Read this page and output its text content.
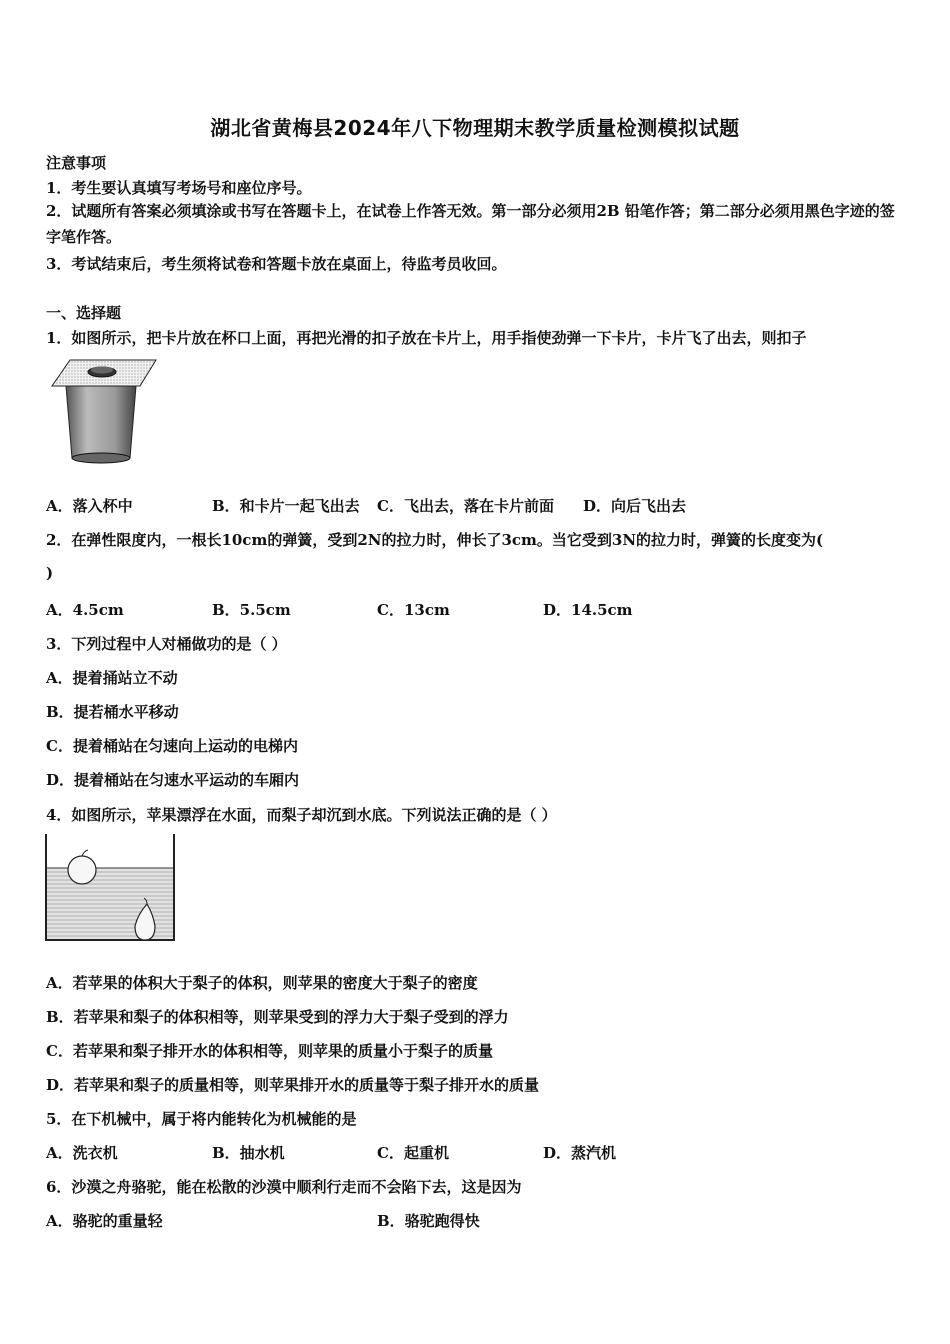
湖北省黄梅县2024年八下物理期末教学质量检测模拟试题
注意事项
1．考生要认真填写考场号和座位序号。
2．试题所有答案必须填涂或书写在答题卡上，在试卷上作答无效。第一部分必须用2B 铅笔作答；第二部分必须用黑色字迹的签字笔作答。
3．考试结束后，考生须将试卷和答题卡放在桌面上，待监考员收回。
一、选择题
1．如图所示，把卡片放在杯口上面，再把光滑的扣子放在卡片上，用手指使劲弹一下卡片，卡片飞了出去，则扣子
A．落入杯中	B．和卡片一起飞出去 C．飞出去，落在卡片前面 D．向后飞出去
2．在弹性限度内，一根长10cm的弹簧，受到2N的拉力时，伸长了3cm。当它受到3N的拉力时，弹簧的长度变为(
)
A．4.5cm	B．5.5cm	C．13cm	D．14.5cm
3．下列过程中人对桶做功的是（ ）
A．提着捅站立不动
B．提若桶水平移动
C．提着桶站在匀速向上运动的电梯内
D．提着桶站在匀速水平运动的车厢内
4．如图所示，苹果漂浮在水面，而梨子却沉到水底。下列说法正确的是（ ）
A．若苹果的体积大于梨子的体积，则苹果的密度大于梨子的密度
B．若苹果和梨子的体积相等，则苹果受到的浮力大于梨子受到的浮力
C．若苹果和梨子排开水的体积相等，则苹果的质量小于梨子的质量
D．若苹果和梨子的质量相等，则苹果排开水的质量等于梨子排开水的质量
5．在下机械中，属于将内能转化为机械能的是
A．洗衣机	B．抽水机	C．起重机	D．蒸汽机
6．沙漠之舟骆驼，能在松散的沙漠中顺利行走而不会陷下去，这是因为
A．骆驼的重量轻	B．骆驼跑得快
